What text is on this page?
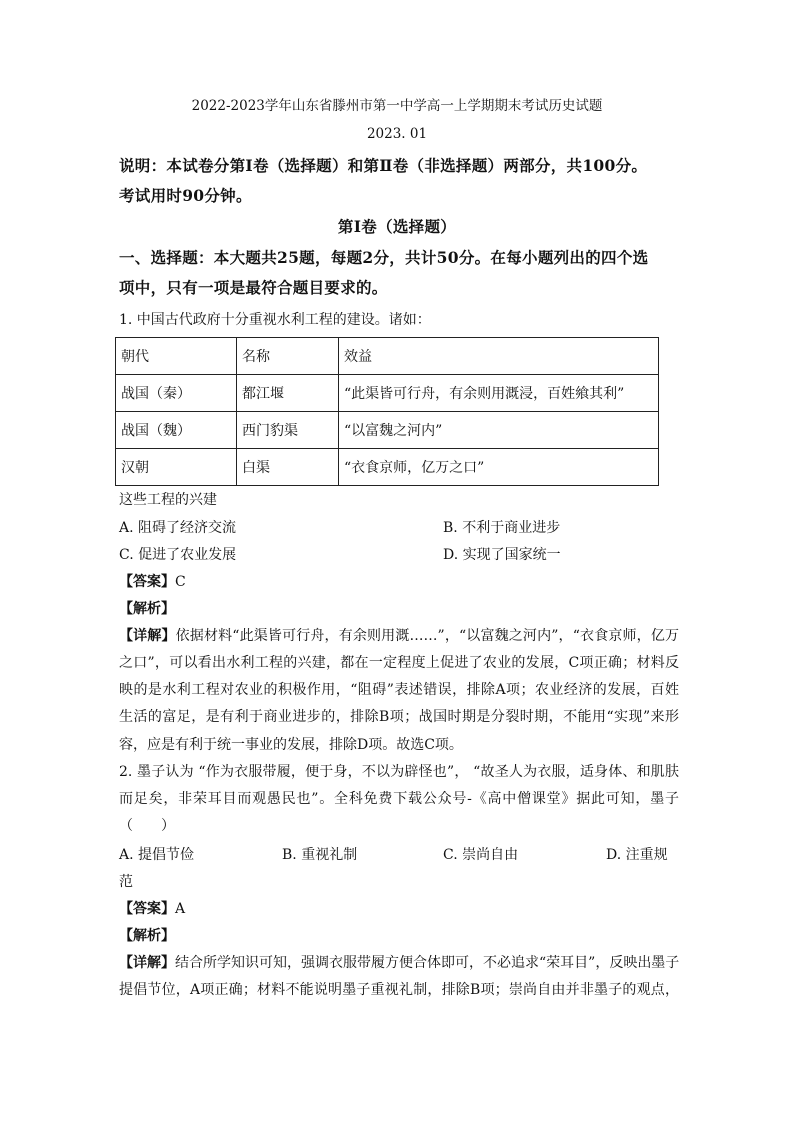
2022-2023学年山东省滕州市第一中学高一上学期期末考试历史试题
2023. 01
说明：本试卷分第Ⅰ卷（选择题）和第Ⅱ卷（非选择题）两部分，共100分。
考试用时90分钟。
第Ⅰ卷（选择题）
一、选择题：本大题共25题，每题2分，共计50分。在每小题列出的四个选
项中，只有一项是最符合题目要求的。
1. 中国古代政府十分重视水利工程的建设。诸如：
朝代	名称	效益
战国（秦）	都江堰	“此渠皆可行舟，有余则用溉浸，百姓飨其利”
战国（魏）	西门豹渠	“以富魏之河内”
汉朝	白渠	“衣食京师，亿万之口”
这些工程的兴建
A. 阻碍了经济交流	B. 不利于商业进步
C. 促进了农业发展	D. 实现了国家统一
【答案】C
【解析】
【详解】依据材料“此渠皆可行舟，有余则用溉……”，“以富魏之河内”，“衣食京师，亿万
之口”，可以看出水利工程的兴建，都在一定程度上促进了农业的发展，C项正确；材料反
映的是水利工程对农业的积极作用，“阻碍”表述错误，排除A项；农业经济的发展，百姓
生活的富足，是有利于商业进步的，排除B项；战国时期是分裂时期，不能用“实现”来形
容，应是有利于统一事业的发展，排除D项。故选C项。
2. 墨子认为 “作为衣服带履，便于身，不以为辟怪也”， “故圣人为衣服，适身体、和肌肤
而足矣，非荣耳目而观愚民也”。全科免费下载公众号-《高中僧课堂》据此可知，墨子
（　　）
A. 提倡节俭	B. 重视礼制	C. 崇尚自由	D. 注重规
范
【答案】A
【解析】
【详解】结合所学知识可知，强调衣服带履方便合体即可，不必追求“荣耳目”，反映出墨子
提倡节位，A项正确；材料不能说明墨子重视礼制，排除B项；崇尚自由并非墨子的观点，
